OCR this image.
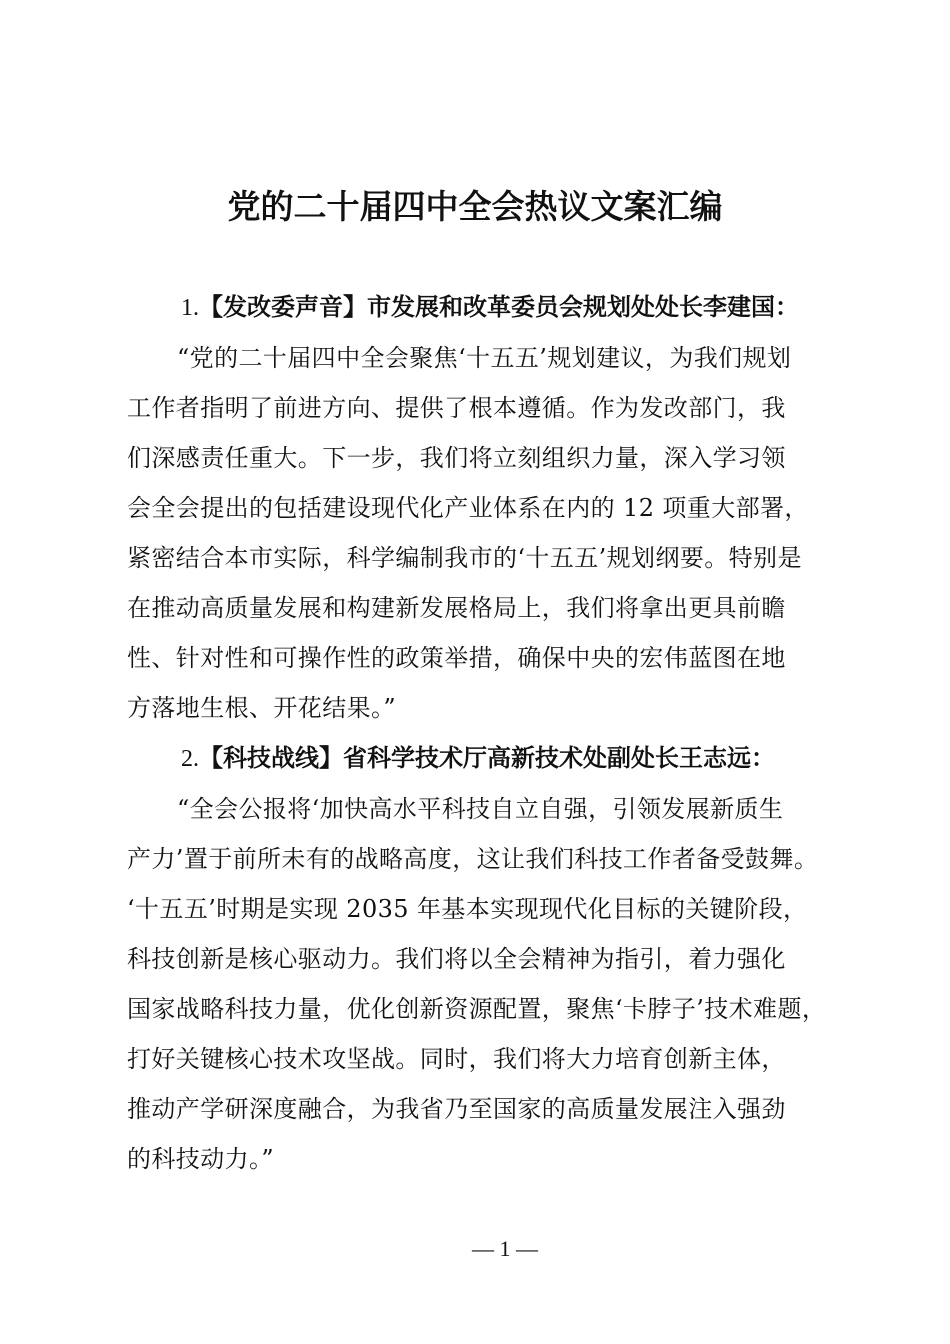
党的二十届四中全会热议文案汇编

1.【发改委声音】市发展和改革委员会规划处处长李建国：

“党的二十届四中全会聚焦‘十五五’规划建议，为我们规划
工作者指明了前进方向、提供了根本遵循。作为发改部门，我
们深感责任重大。下一步，我们将立刻组织力量，深入学习领
会全会提出的包括建设现代化产业体系在内的 12 项重大部署，
紧密结合本市实际，科学编制我市的‘十五五’规划纲要。特别是
在推动高质量发展和构建新发展格局上，我们将拿出更具前瞻
性、针对性和可操作性的政策举措，确保中央的宏伟蓝图在地
方落地生根、开花结果。”

2.【科技战线】省科学技术厅高新技术处副处长王志远：

“全会公报将‘加快高水平科技自立自强，引领发展新质生
产力’置于前所未有的战略高度，这让我们科技工作者备受鼓舞。
‘十五五’时期是实现 2035 年基本实现现代化目标的关键阶段，
科技创新是核心驱动力。我们将以全会精神为指引，着力强化
国家战略科技力量，优化创新资源配置，聚焦‘卡脖子’技术难题，
打好关键核心技术攻坚战。同时，我们将大力培育创新主体，
推动产学研深度融合，为我省乃至国家的高质量发展注入强劲
的科技动力。”
— 1 —
